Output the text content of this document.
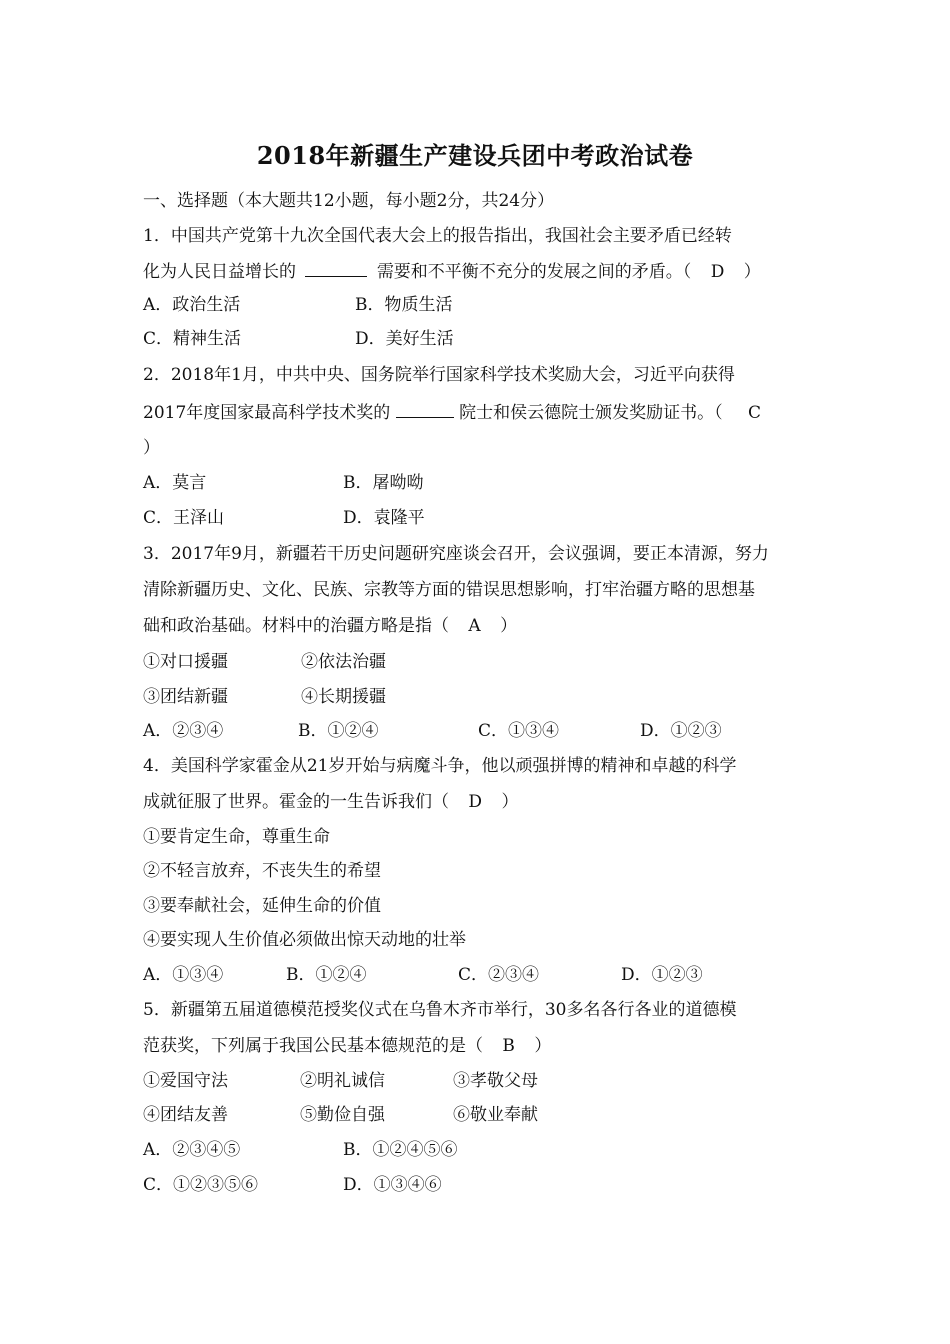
2018年新疆生产建设兵团中考政治试卷
一、选择题（本大题共12小题，每小题2分，共24分）
1．中国共产党第十九次全国代表大会上的报告指出，我国社会主要矛盾已经转
化为人民日益增长的	需要和不平衡不充分的发展之间的矛盾。（ D ）
A．政治生活	B．物质生活
C．精神生活	D．美好生活
2．2018年1月，中共中央、国务院举行国家科学技术奖励大会，习近平向获得
2017年度国家最高科学技术奖的	院士和侯云德院士颁发奖励证书。（ C
）
A．莫言	B．屠呦呦
C．王泽山	D．袁隆平
3．2017年9月，新疆若干历史问题研究座谈会召开，会议强调，要正本清源，努力
清除新疆历史、文化、民族、宗教等方面的错误思想影响，打牢治疆方略的思想基
础和政治基础。材料中的治疆方略是指（ A ）
①对口援疆	②依法治疆
③团结新疆	④长期援疆
A．②③④	B．①②④	C．①③④	D．①②③
4．美国科学家霍金从21岁开始与病魔斗争，他以顽强拼博的精神和卓越的科学
成就征服了世界。霍金的一生告诉我们（ D ）
①要肯定生命，尊重生命
②不轻言放弃，不丧失生的希望
③要奉献社会，延伸生命的价值
④要实现人生价值必须做出惊天动地的壮举
A．①③④	B．①②④	C．②③④	D．①②③
5．新疆第五届道德模范授奖仪式在乌鲁木齐市举行，30多名各行各业的道德模
范获奖，下列属于我国公民基本德规范的是（ B ）
①爱国守法	②明礼诚信	③孝敬父母
④团结友善	⑤勤俭自强	⑥敬业奉献
A．②③④⑤	B．①②④⑤⑥
C．①②③⑤⑥	D．①③④⑥
